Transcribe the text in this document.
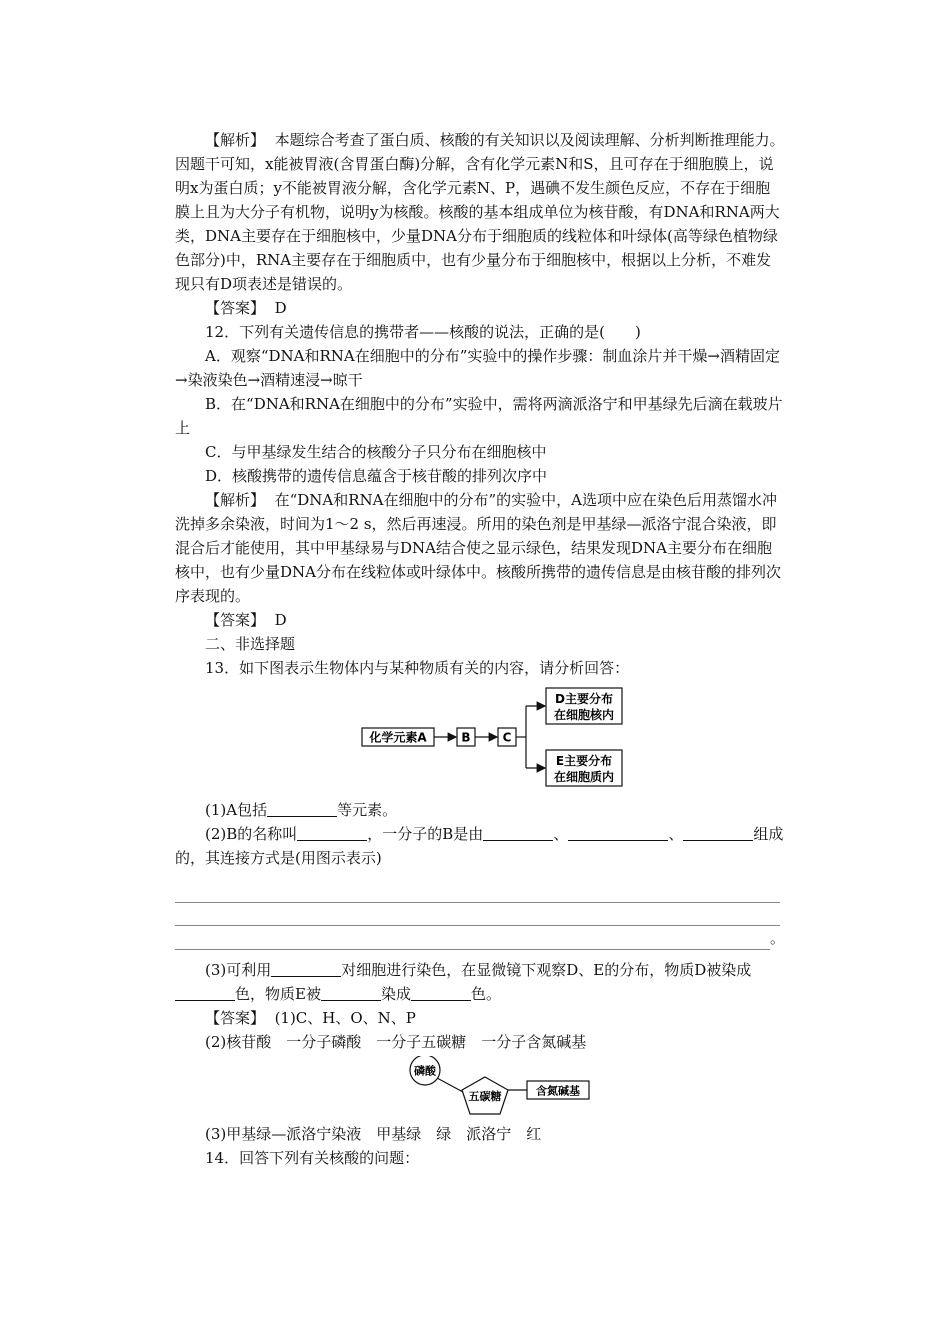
【解析】 本题综合考查了蛋白质、核酸的有关知识以及阅读理解、分析判断推理能力。因题干可知，x能被胃液(含胃蛋白酶)分解，含有化学元素N和S，且可存在于细胞膜上，说明x为蛋白质；y不能被胃液分解，含化学元素N、P，遇碘不发生颜色反应，不存在于细胞膜上且为大分子有机物，说明y为核酸。核酸的基本组成单位为核苷酸，有DNA和RNA两大类，DNA主要存在于细胞核中，少量DNA分布于细胞质的线粒体和叶绿体(高等绿色植物绿色部分)中，RNA主要存在于细胞质中，也有少量分布于细胞核中，根据以上分析，不难发现只有D项表述是错误的。

【答案】 D

12．下列有关遗传信息的携带者——核酸的说法，正确的是(　　)

A．观察“DNA和RNA在细胞中的分布”实验中的操作步骤：制血涂片并干燥→酒精固定→染液染色→酒精速浸→晾干

B．在“DNA和RNA在细胞中的分布”实验中，需将两滴派洛宁和甲基绿先后滴在载玻片上

C．与甲基绿发生结合的核酸分子只分布在细胞核中

D．核酸携带的遗传信息蕴含于核苷酸的排列次序中

【解析】 在“DNA和RNA在细胞中的分布”的实验中，A选项中应在染色后用蒸馏水冲洗掉多余染液，时间为1～2 s，然后再速浸。所用的染色剂是甲基绿—派洛宁混合染液，即混合后才能使用，其中甲基绿易与DNA结合使之显示绿色，结果发现DNA主要分布在细胞核中，也有少量DNA分布在线粒体或叶绿体中。核酸所携带的遗传信息是由核苷酸的排列次序表现的。

【答案】 D

二、非选择题

13．如下图表示生物体内与某种物质有关的内容，请分析回答：

化学元素A	B	C
D主要分布
在细胞核内
E主要分布
在细胞质内

(1)A包括	等元素。

(2)B的名称叫	，一分子的B是由	、	、	组成的，其连接方式是(用图示表示)

。

(3)可利用	对细胞进行染色，在显微镜下观察D、E的分布，物质D被染成色，物质E被	染成	色。

【答案】 (1)C、H、O、N、P

(2)核苷酸　一分子磷酸　一分子五碳糖　一分子含氮碱基

磷酸
五碳糖	含氮碱基

(3)甲基绿—派洛宁染液　甲基绿　绿　派洛宁　红

14．回答下列有关核酸的问题：
